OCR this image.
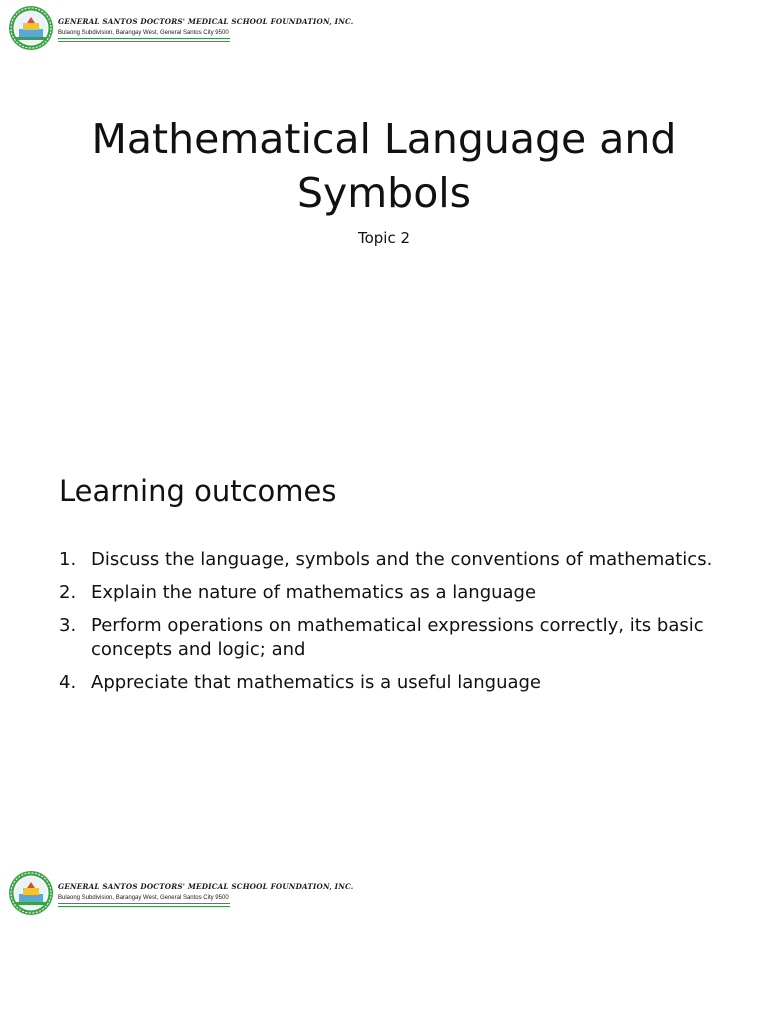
GENERAL SANTOS DOCTORS' MEDICAL SCHOOL FOUNDATION, INC.
Bulaong Subdivision, Barangay West, General Santos City 9500
Mathematical Language and
Symbols
Topic 2
Learning outcomes
1. Discuss the language, symbols and the conventions of mathematics.
2. Explain the nature of mathematics as a language
3. Perform operations on mathematical expressions correctly, its basic concepts and logic; and
4. Appreciate that mathematics is a useful language
GENERAL SANTOS DOCTORS' MEDICAL SCHOOL FOUNDATION, INC.
Bulaong Subdivision, Barangay West, General Santos City 9500
